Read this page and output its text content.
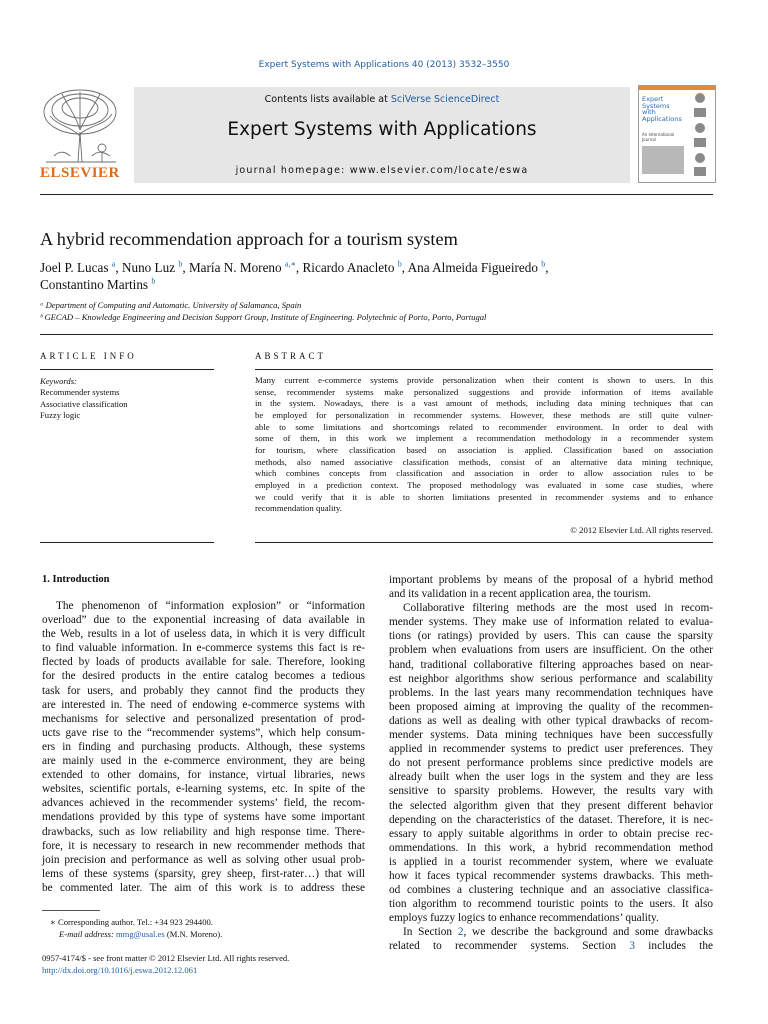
Expert Systems with Applications 40 (2013) 3532–3550
ELSEVIER
Contents lists available at SciVerse ScienceDirect
Expert Systems with Applications
journal homepage: www.elsevier.com/locate/eswa
Expert
Systems
with
Applications
An International
Journal
A hybrid recommendation approach for a tourism system
Joel P. Lucas $^a$, Nuno Luz $^b$, María N. Moreno $^{a,∗}$, Ricardo Anacleto $^b$, Ana Almeida Figueiredo $^b$,
Constantino Martins $^b$
ᵃ Department of Computing and Automatic. University of Salamanca, Spain
ᵇ GECAD – Knowledge Engineering and Decision Support Group, Institute of Engineering. Polytechnic of Porto, Porto, Portugal
ARTICLE INFO
Keywords:
Recommender systems
Associative classification
Fuzzy logic
ABSTRACT
Many current e-commerce systems provide personalization when their content is shown to users. In this
sense, recommender systems make personalized suggestions and provide information of items available
in the system. Nowadays, there is a vast amount of methods, including data mining techniques that can
be employed for personalization in recommender systems. However, these methods are still quite vulner-
able to some limitations and shortcomings related to recommender environment. In order to deal with
some of them, in this work we implement a recommendation methodology in a recommender system
for tourism, where classification based on association is applied. Classification based on association
methods, also named associative classification methods, consist of an alternative data mining technique,
which combines concepts from classification and association in order to allow association rules to be
employed in a prediction context. The proposed methodology was evaluated in some case studies, where
we could verify that it is able to shorten limitations presented in recommender systems and to enhance
recommendation quality.
© 2012 Elsevier Ltd. All rights reserved.
1. Introduction
The phenomenon of “information explosion” or “information
overload” due to the exponential increasing of data available in
the Web, results in a lot of useless data, in which it is very difficult
to find valuable information. In e-commerce systems this fact is re-
flected by loads of products available for sale. Therefore, looking
for the desired products in the entire catalog becomes a tedious
task for users, and probably they cannot find the products they
are interested in. The need of endowing e-commerce systems with
mechanisms for selective and personalized presentation of prod-
ucts gave rise to the “recommender systems”, which help consum-
ers in finding and purchasing products. Although, these systems
are mainly used in the e-commerce environment, they are being
extended to other domains, for instance, virtual libraries, news
websites, scientific portals, e-learning systems, etc. In spite of the
advances achieved in the recommender systems’ field, the recom-
mendations provided by this type of systems have some important
drawbacks, such as low reliability and high response time. There-
fore, it is necessary to research in new recommender methods that
join precision and performance as well as solving other usual prob-
lems of these systems (sparsity, grey sheep, first-rater…) that will
be commented later. The aim of this work is to address these
important problems by means of the proposal of a hybrid method
and its validation in a recent application area, the tourism.
Collaborative filtering methods are the most used in recom-
mender systems. They make use of information related to evalua-
tions (or ratings) provided by users. This can cause the sparsity
problem when evaluations from users are insufficient. On the other
hand, traditional collaborative filtering approaches based on near-
est neighbor algorithms show serious performance and scalability
problems. In the last years many recommendation techniques have
been proposed aiming at improving the quality of the recommen-
dations as well as dealing with other typical drawbacks of recom-
mender systems. Data mining techniques have been successfully
applied in recommender systems to predict user preferences. They
do not present performance problems since predictive models are
already built when the user logs in the system and they are less
sensitive to sparsity problems. However, the results vary with
the selected algorithm given that they present different behavior
depending on the characteristics of the dataset. Therefore, it is nec-
essary to apply suitable algorithms in order to obtain precise rec-
ommendations. In this work, a hybrid recommendation method
is applied in a tourist recommender system, where we evaluate
how it faces typical recommender systems drawbacks. This meth-
od combines a clustering technique and an associative classifica-
tion algorithm to recommend touristic points to the users. It also
employs fuzzy logics to enhance recommendations’ quality.
In Section 2, we describe the background and some drawbacks
related to recommender systems. Section 3 includes the
∗ Corresponding author. Tel.: +34 923 294400.
E-mail address: mmg@usal.es (M.N. Moreno).
0957-4174/$ - see front matter © 2012 Elsevier Ltd. All rights reserved.
http://dx.doi.org/10.1016/j.eswa.2012.12.061
